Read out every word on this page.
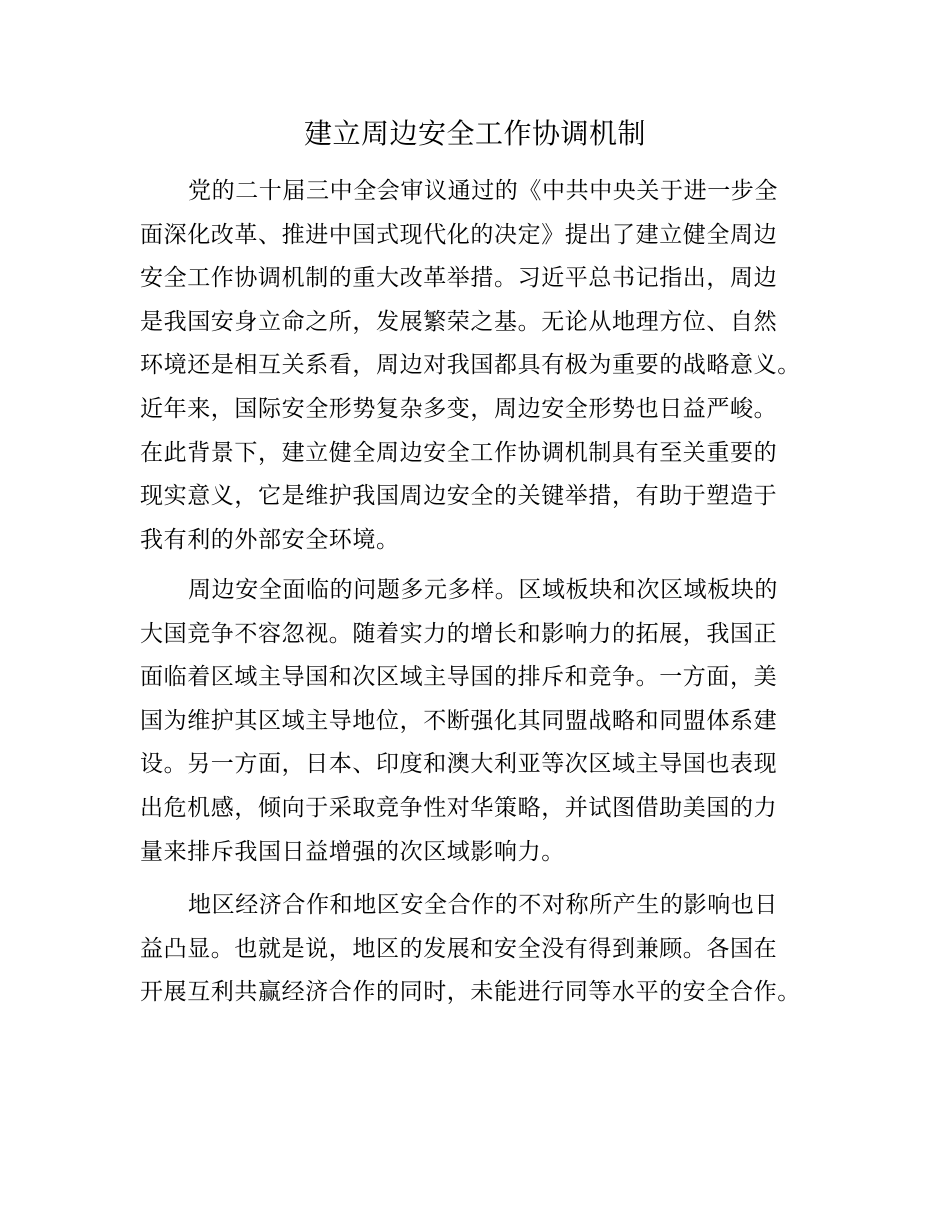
建立周边安全工作协调机制
党的二十届三中全会审议通过的《中共中央关于进一步全
面深化改革、推进中国式现代化的决定》提出了建立健全周边
安全工作协调机制的重大改革举措。习近平总书记指出，周边
是我国安身立命之所，发展繁荣之基。无论从地理方位、自然
环境还是相互关系看，周边对我国都具有极为重要的战略意义。
近年来，国际安全形势复杂多变，周边安全形势也日益严峻。
在此背景下，建立健全周边安全工作协调机制具有至关重要的
现实意义，它是维护我国周边安全的关键举措，有助于塑造于
我有利的外部安全环境。
周边安全面临的问题多元多样。区域板块和次区域板块的
大国竞争不容忽视。随着实力的增长和影响力的拓展，我国正
面临着区域主导国和次区域主导国的排斥和竞争。一方面，美
国为维护其区域主导地位，不断强化其同盟战略和同盟体系建
设。另一方面，日本、印度和澳大利亚等次区域主导国也表现
出危机感，倾向于采取竞争性对华策略，并试图借助美国的力
量来排斥我国日益增强的次区域影响力。
地区经济合作和地区安全合作的不对称所产生的影响也日
益凸显。也就是说，地区的发展和安全没有得到兼顾。各国在
开展互利共赢经济合作的同时，未能进行同等水平的安全合作。
